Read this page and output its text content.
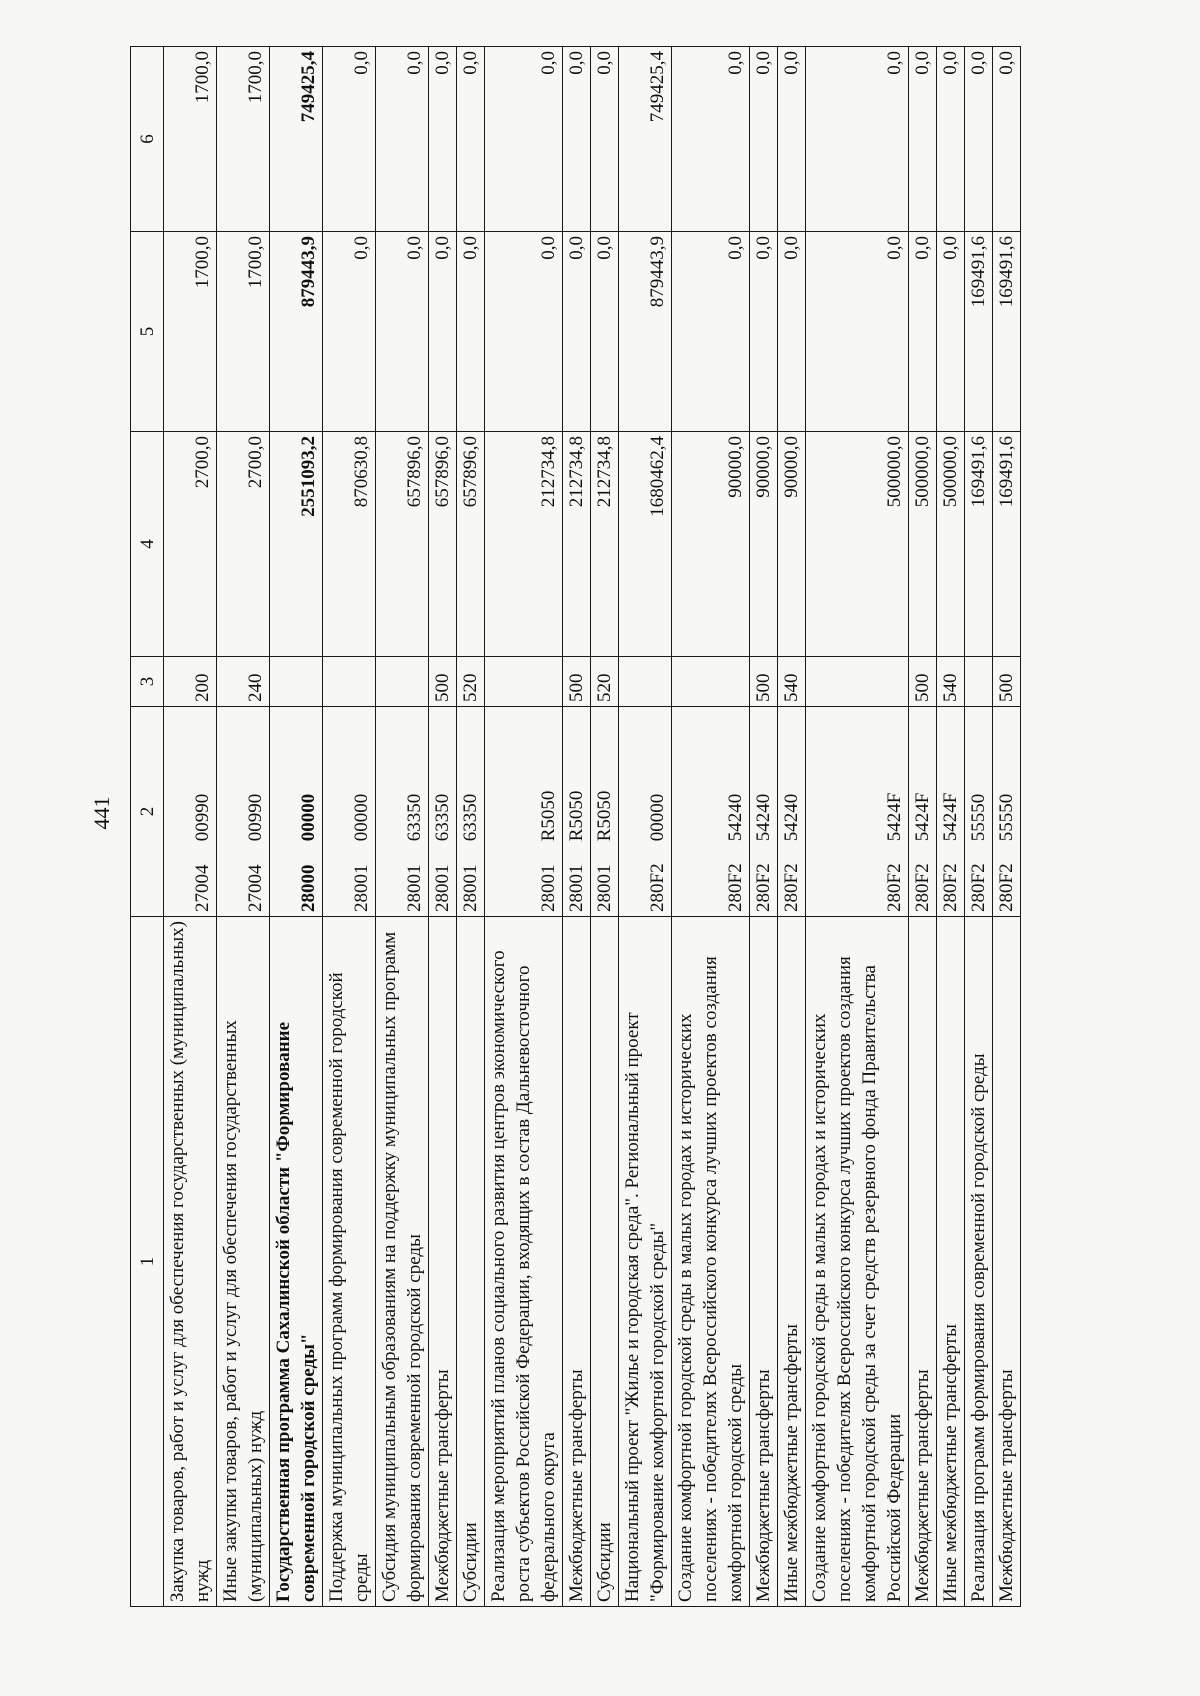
441
1	2	3	4	5	6
Закупка товаров, работ и услуг для обеспечения государственных (муниципальных) нужд	27004 00990	200	2700,0	1700,0	1700,0
Иные закупки товаров, работ и услуг для обеспечения государственных (муниципальных) нужд	27004 00990	240	2700,0	1700,0	1700,0
Государственная программа Сахалинской области "Формирование современной городской среды"	28000 00000		2551093,2	879443,9	749425,4
Поддержка муниципальных программ формирования современной городской среды	28001 00000		870630,8	0,0	0,0
Субсидия муниципальным образованиям на поддержку муниципальных программ формирования современной городской среды	28001 63350		657896,0	0,0	0,0
Межбюджетные трансферты	28001 63350	500	657896,0	0,0	0,0
Субсидии	28001 63350	520	657896,0	0,0	0,0
Реализация мероприятий планов социального развития центров экономического роста субъектов Российской Федерации, входящих в состав Дальневосточного федерального округа	28001 R5050		212734,8	0,0	0,0
Межбюджетные трансферты	28001 R5050	500	212734,8	0,0	0,0
Субсидии	28001 R5050	520	212734,8	0,0	0,0
Национальный проект "Жилье и городская среда". Региональный проект "Формирование комфортной городской среды"	280F2 00000		1680462,4	879443,9	749425,4
Создание комфортной городской среды в малых городах и исторических поселениях - победителях Всероссийского конкурса лучших проектов создания комфортной городской среды	280F2 54240		90000,0	0,0	0,0
Межбюджетные трансферты	280F2 54240	500	90000,0	0,0	0,0
Иные межбюджетные трансферты	280F2 54240	540	90000,0	0,0	0,0
Создание комфортной городской среды в малых городах и исторических поселениях - победителях Всероссийского конкурса лучших проектов создания комфортной городской среды за счет средств резервного фонда Правительства Российской Федерации	280F2 5424F		500000,0	0,0	0,0
Межбюджетные трансферты	280F2 5424F	500	500000,0	0,0	0,0
Иные межбюджетные трансферты	280F2 5424F	540	500000,0	0,0	0,0
Реализация программ формирования современной городской среды	280F2 55550		169491,6	169491,6	0,0
Межбюджетные трансферты	280F2 55550	500	169491,6	169491,6	0,0
